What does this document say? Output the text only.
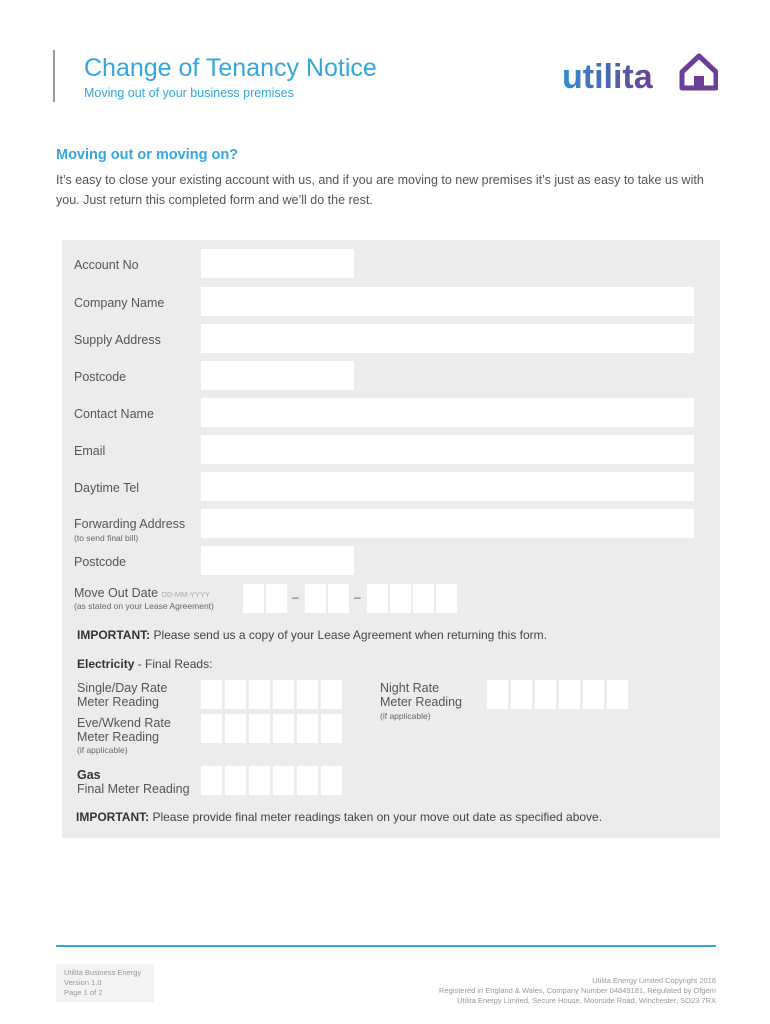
Change of Tenancy Notice
Moving out of your business premises	utilita
Moving out or moving on?
It’s easy to close your existing account with us, and if you are moving to new premises it’s just as easy to take us with you. Just return this completed form and we’ll do the rest.
Account No
Company Name
Supply Address
Postcode
Contact Name
Email
Daytime Tel
Forwarding Address
(to send final bill)
Postcode
Move Out Date DD-MM-YYYY
(as stated on your Lease Agreement)
–	–
IMPORTANT: Please send us a copy of your Lease Agreement when returning this form.
Electricity - Final Reads:
Single/Day Rate
Meter Reading
Night Rate
Meter Reading
(if applicable)
Eve/Wkend Rate
Meter Reading
(if applicable)
Gas
Final Meter Reading
IMPORTANT: Please provide final meter readings taken on your move out date as specified above.
Utilita Business Energy
Version 1.0
Page 1 of 2
Utilita Energy Limited Copyright 2016
Registered in England & Wales, Company Number 04849181, Regulated by Ofgem
Utilita Energy Limited, Secure House, Moorside Road, Winchester, SO23 7RX
